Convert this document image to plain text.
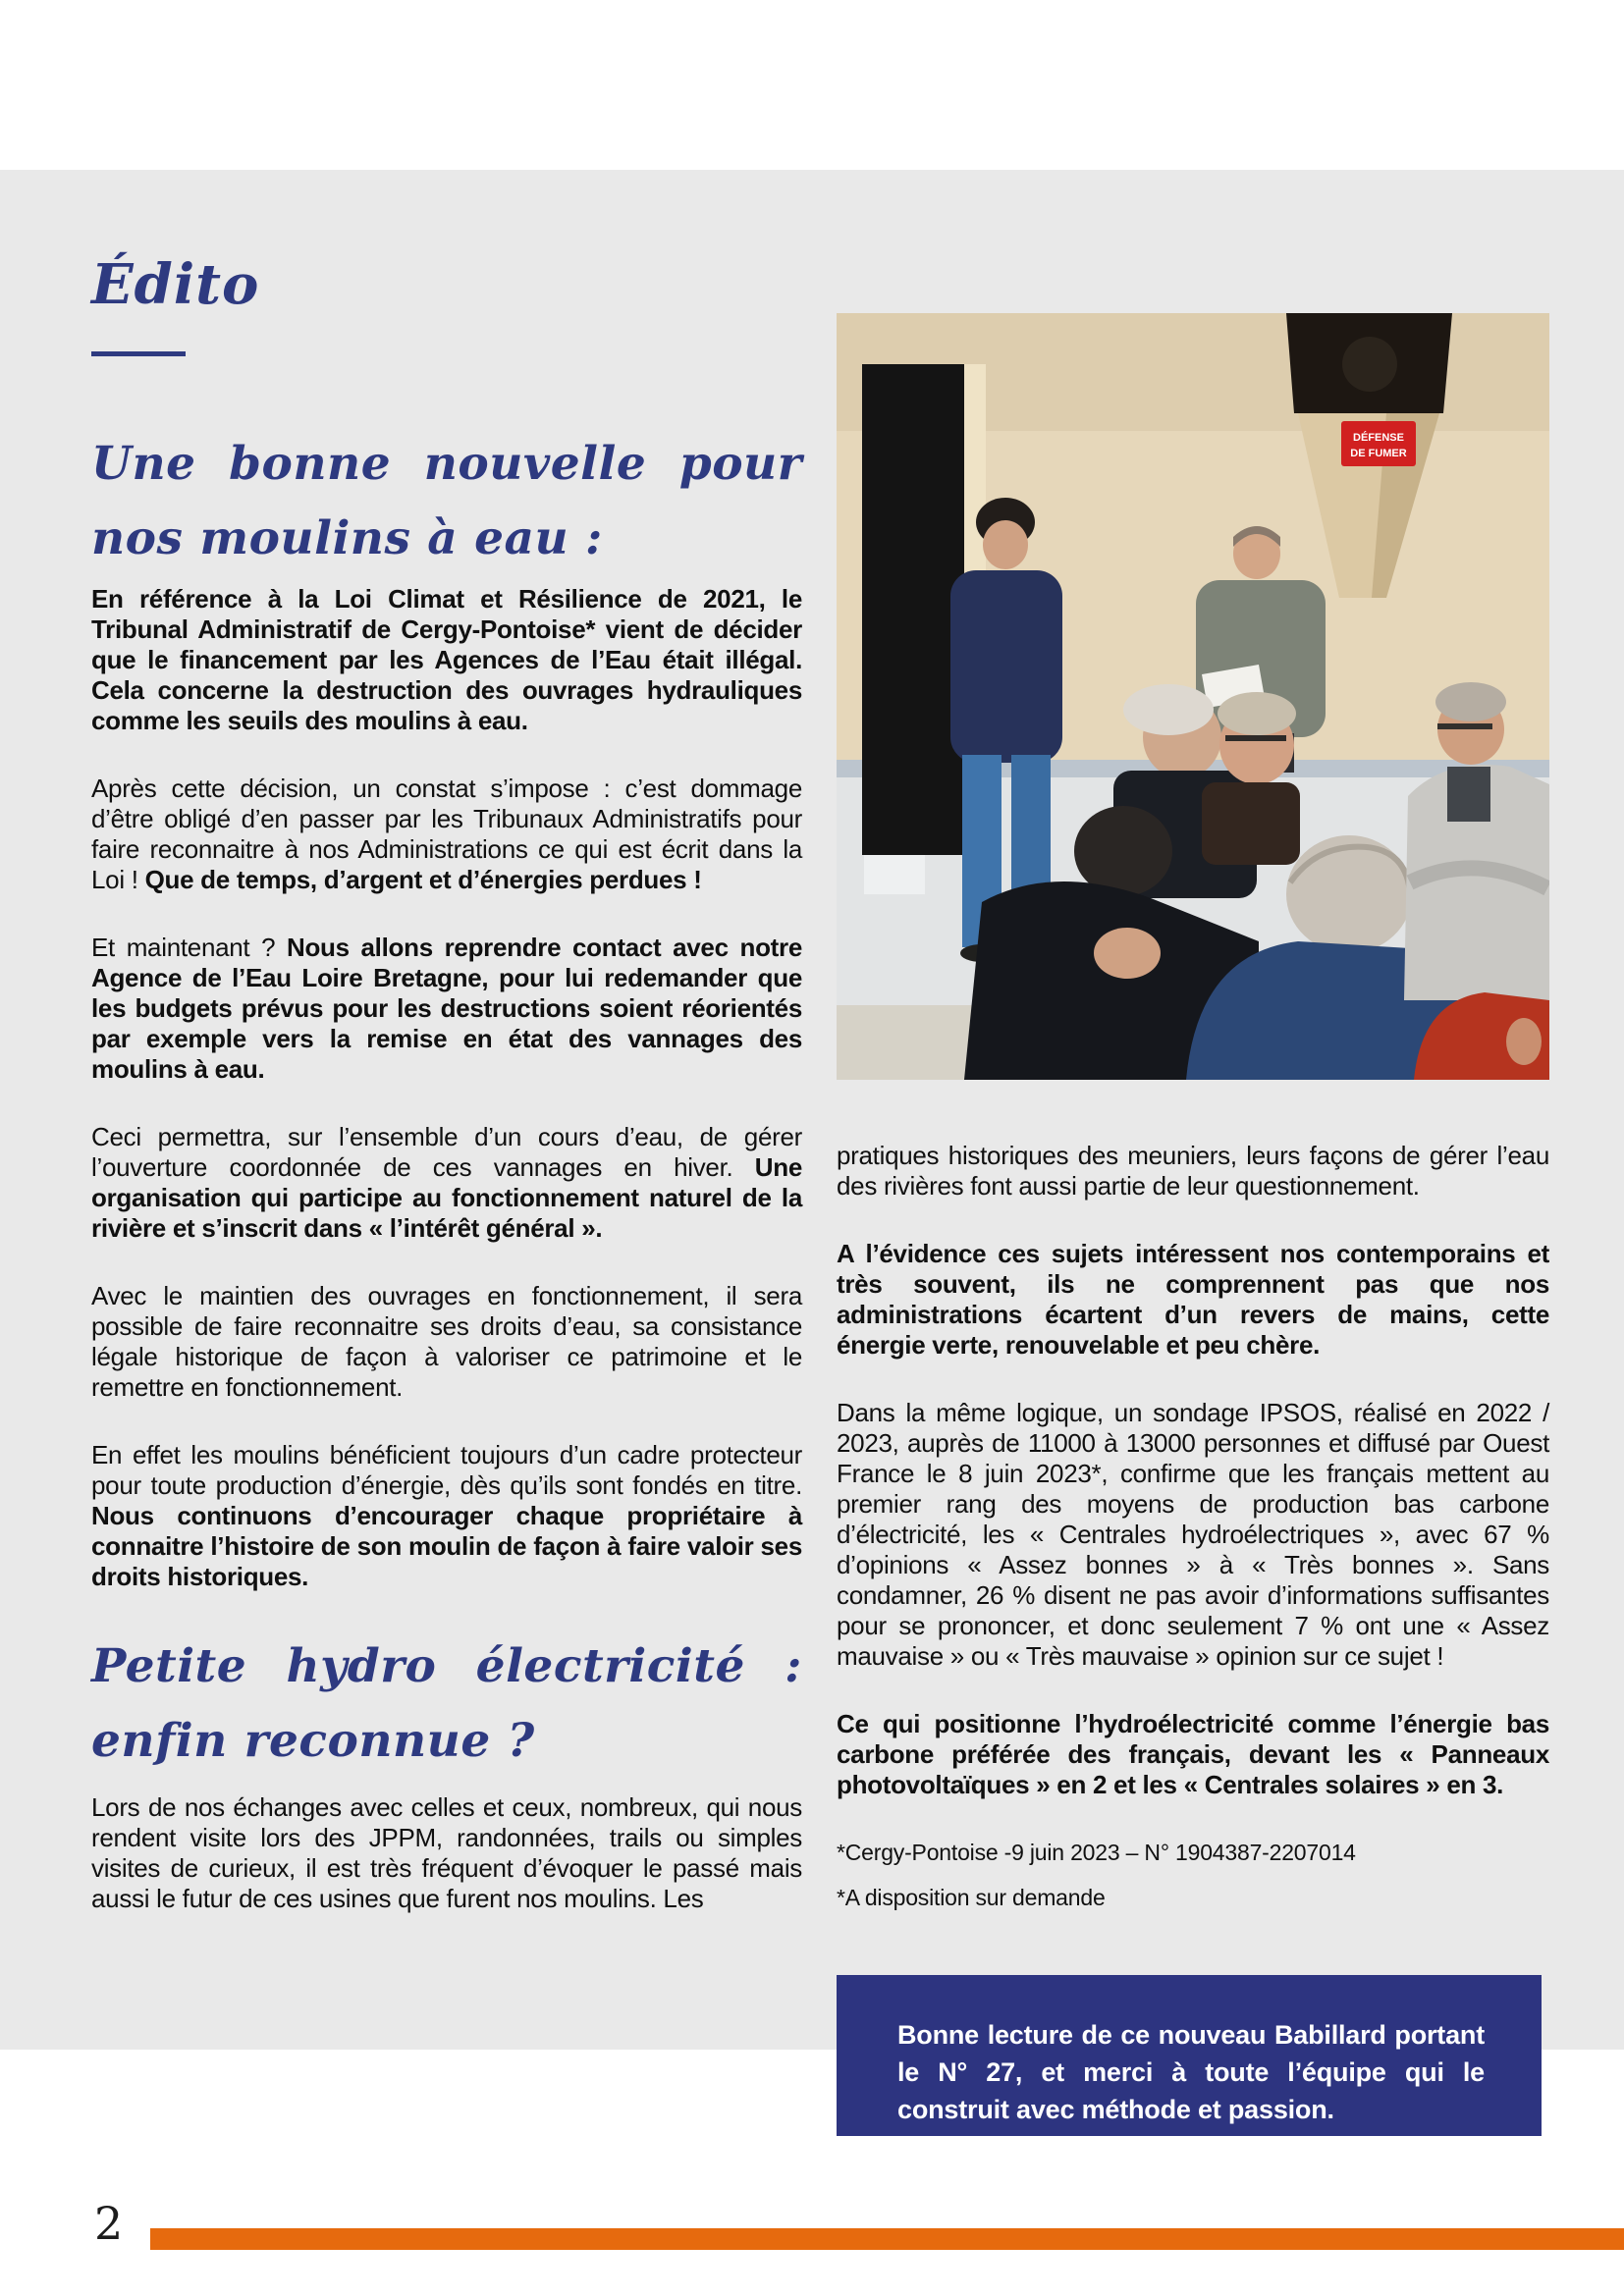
Édito
Une bonne nouvelle pour nos moulins à eau :

En référence à la Loi Climat et Résilience de 2021, le Tribunal Administratif de Cergy-Pontoise* vient de décider que le financement par les Agences de l’Eau était illégal. Cela concerne la destruction des ouvrages hydrauliques comme les seuils des moulins à eau.

Après cette décision, un constat s’impose : c’est dommage d’être obligé d’en passer par les Tribunaux Administratifs pour faire reconnaitre à nos Administrations ce qui est écrit dans la Loi ! Que de temps, d’argent et d’énergies perdues !

Et maintenant ? Nous allons reprendre contact avec notre Agence de l’Eau Loire Bretagne, pour lui redemander que les budgets prévus pour les destructions soient réorientés par exemple vers la remise en état des vannages des moulins à eau.

Ceci permettra, sur l’ensemble d’un cours d’eau, de gérer l’ouverture coordonnée de ces vannages en hiver. Une organisation qui participe au fonctionnement naturel de la rivière et s’inscrit dans « l’intérêt général ».

Avec le maintien des ouvrages en fonctionnement, il sera possible de faire reconnaitre ses droits d’eau, sa consistance légale historique de façon à valoriser ce patrimoine et le remettre en fonctionnement.

En effet les moulins bénéficient toujours d’un cadre protecteur pour toute production d’énergie, dès qu’ils sont fondés en titre. Nous continuons d’encourager chaque propriétaire à connaitre l’histoire de son moulin de façon à faire valoir ses droits historiques.

Petite hydro électricité : enfin reconnue ?

Lors de nos échanges avec celles et ceux, nombreux, qui nous rendent visite lors des JPPM, randonnées, trails ou simples visites de curieux, il est très fréquent d’évoquer le passé mais aussi le futur de ces usines que furent nos moulins. Les

DÉFENSE
DE FUMER

pratiques historiques des meuniers, leurs façons de gérer l’eau des rivières font aussi partie de leur questionnement.

A l’évidence ces sujets intéressent nos contemporains et très souvent, ils ne comprennent pas que nos administrations écartent d’un revers de mains, cette énergie verte, renouvelable et peu chère.

Dans la même logique, un sondage IPSOS, réalisé en 2022 / 2023, auprès de 11000 à 13000 personnes et diffusé par Ouest France le 8 juin 2023*, confirme que les français mettent au premier rang des moyens de production bas carbone d’électricité, les « Centrales hydroélectriques », avec 67 % d’opinions « Assez bonnes » à « Très bonnes ». Sans condamner, 26 % disent ne pas avoir d’informations suffisantes pour se prononcer, et donc seulement 7 % ont une « Assez mauvaise » ou « Très mauvaise » opinion sur ce sujet !

Ce qui positionne l’hydroélectricité comme l’énergie bas carbone préférée des français, devant les « Panneaux photovoltaïques » en 2 et les « Centrales solaires » en 3.

*Cergy-Pontoise -9 juin 2023 – N° 1904387-2207014

*A disposition sur demande

Bonne lecture de ce nouveau Babillard portant le N° 27, et merci à toute l’équipe qui le construit avec méthode et passion.

2
